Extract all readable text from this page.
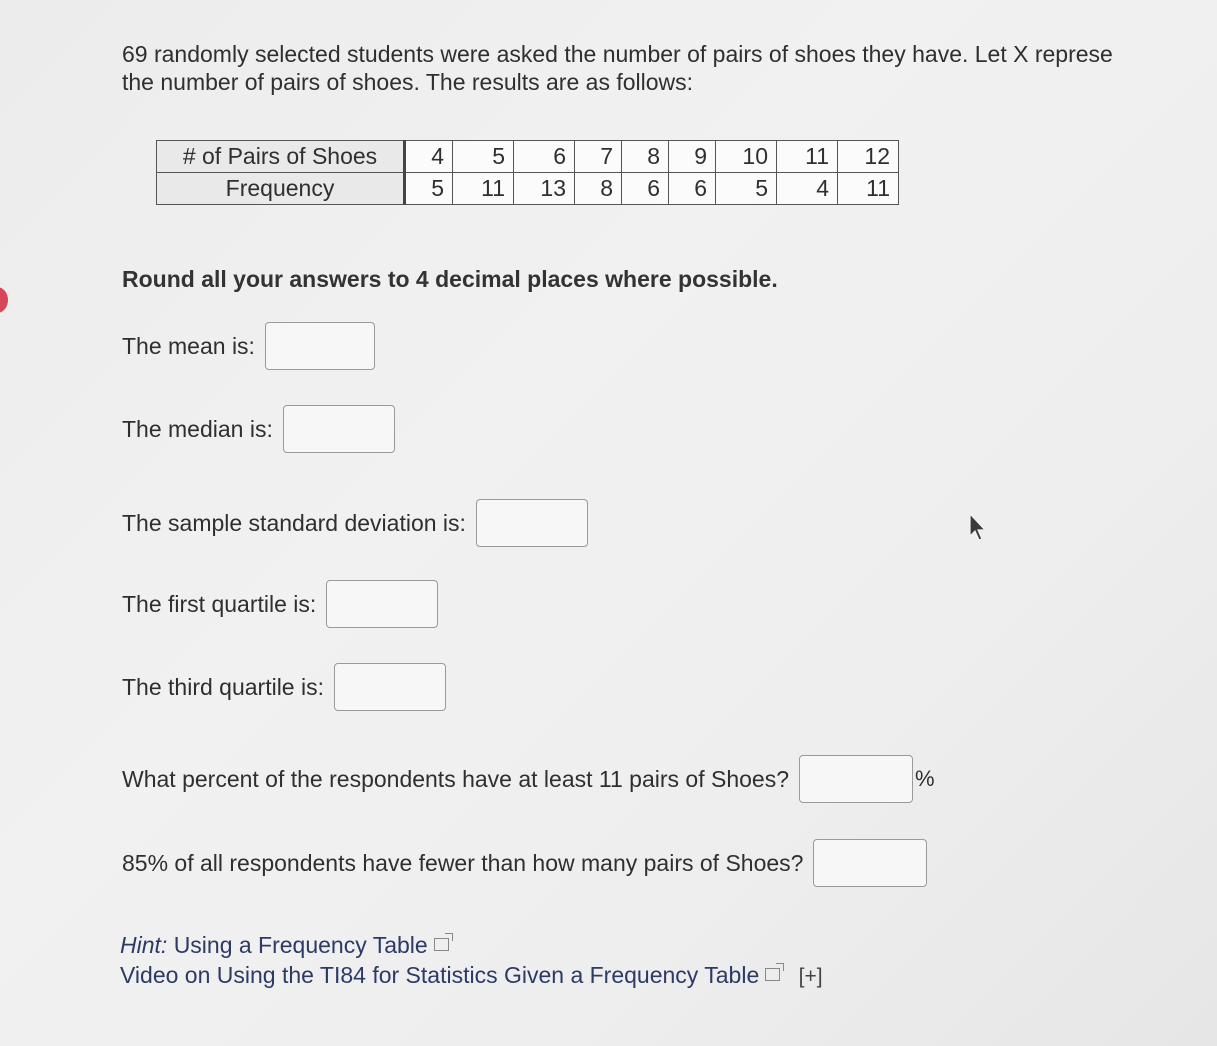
69 randomly selected students were asked the number of pairs of shoes they have. Let X represe
the number of pairs of shoes. The results are as follows:
# of Pairs of Shoes	4	5	6	7	8	9	10	11	12
Frequency	5	11	13	8	6	6	5	4	11
Round all your answers to 4 decimal places where possible.
The mean is:
The median is:
The sample standard deviation is:
The first quartile is:
The third quartile is:
What percent of the respondents have at least 11 pairs of Shoes?	%
85% of all respondents have fewer than how many pairs of Shoes?
Hint: Using a Frequency Table
Video on Using the TI84 for Statistics Given a Frequency Table [+]
